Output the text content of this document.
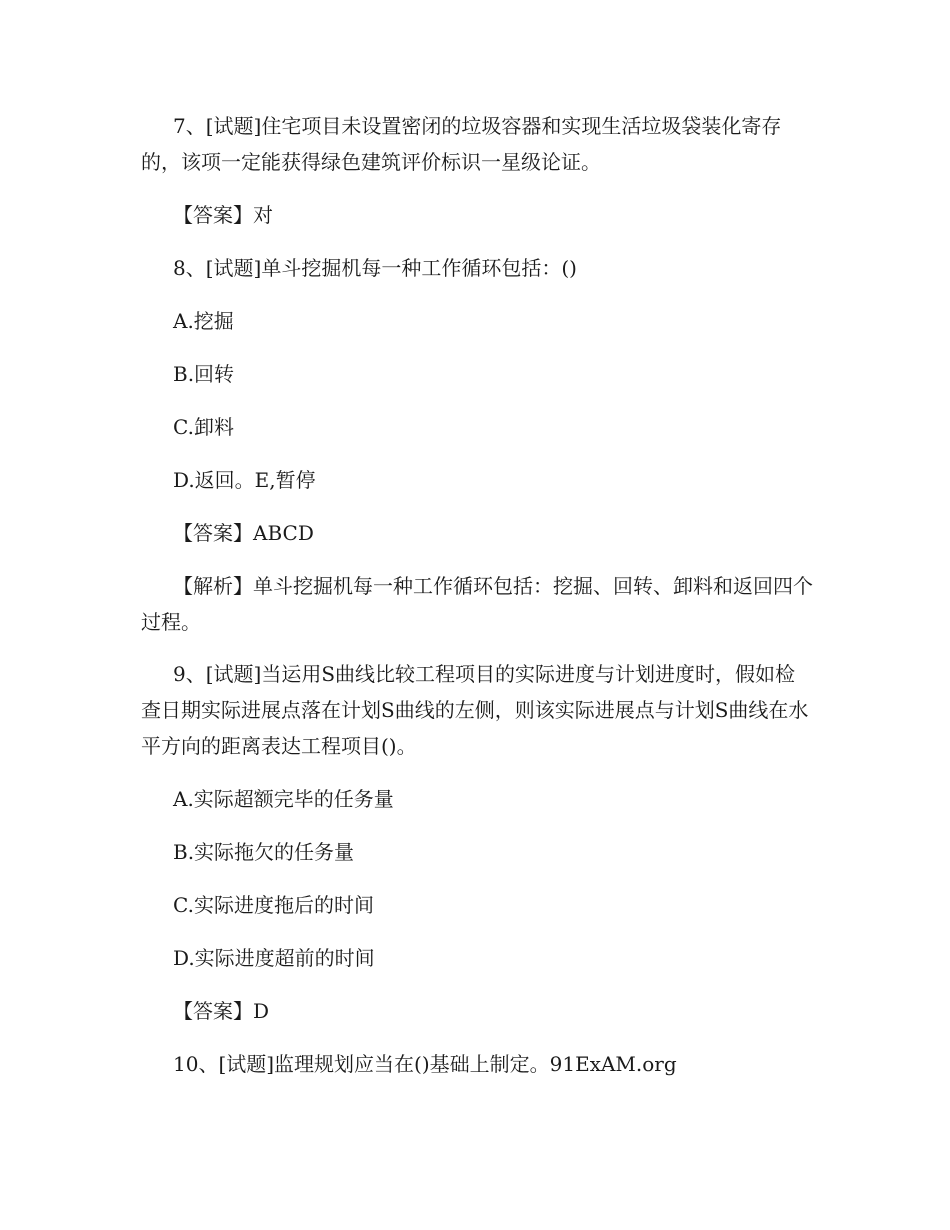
7、[试题]住宅项目未设置密闭的垃圾容器和实现生活垃圾袋装化寄存的，该项一定能获得绿色建筑评价标识一星级论证。

【答案】对

8、[试题]单斗挖掘机每一种工作循环包括：()

A.挖掘

B.回转

C.卸料

D.返回。E,暂停

【答案】ABCD

【解析】单斗挖掘机每一种工作循环包括：挖掘、回转、卸料和返回四个过程。

9、[试题]当运用S曲线比较工程项目的实际进度与计划进度时，假如检查日期实际进展点落在计划S曲线的左侧，则该实际进展点与计划S曲线在水平方向的距离表达工程项目()。

A.实际超额完毕的任务量

B.实际拖欠的任务量

C.实际进度拖后的时间

D.实际进度超前的时间

【答案】D

10、[试题]监理规划应当在()基础上制定。91ExAM.org
